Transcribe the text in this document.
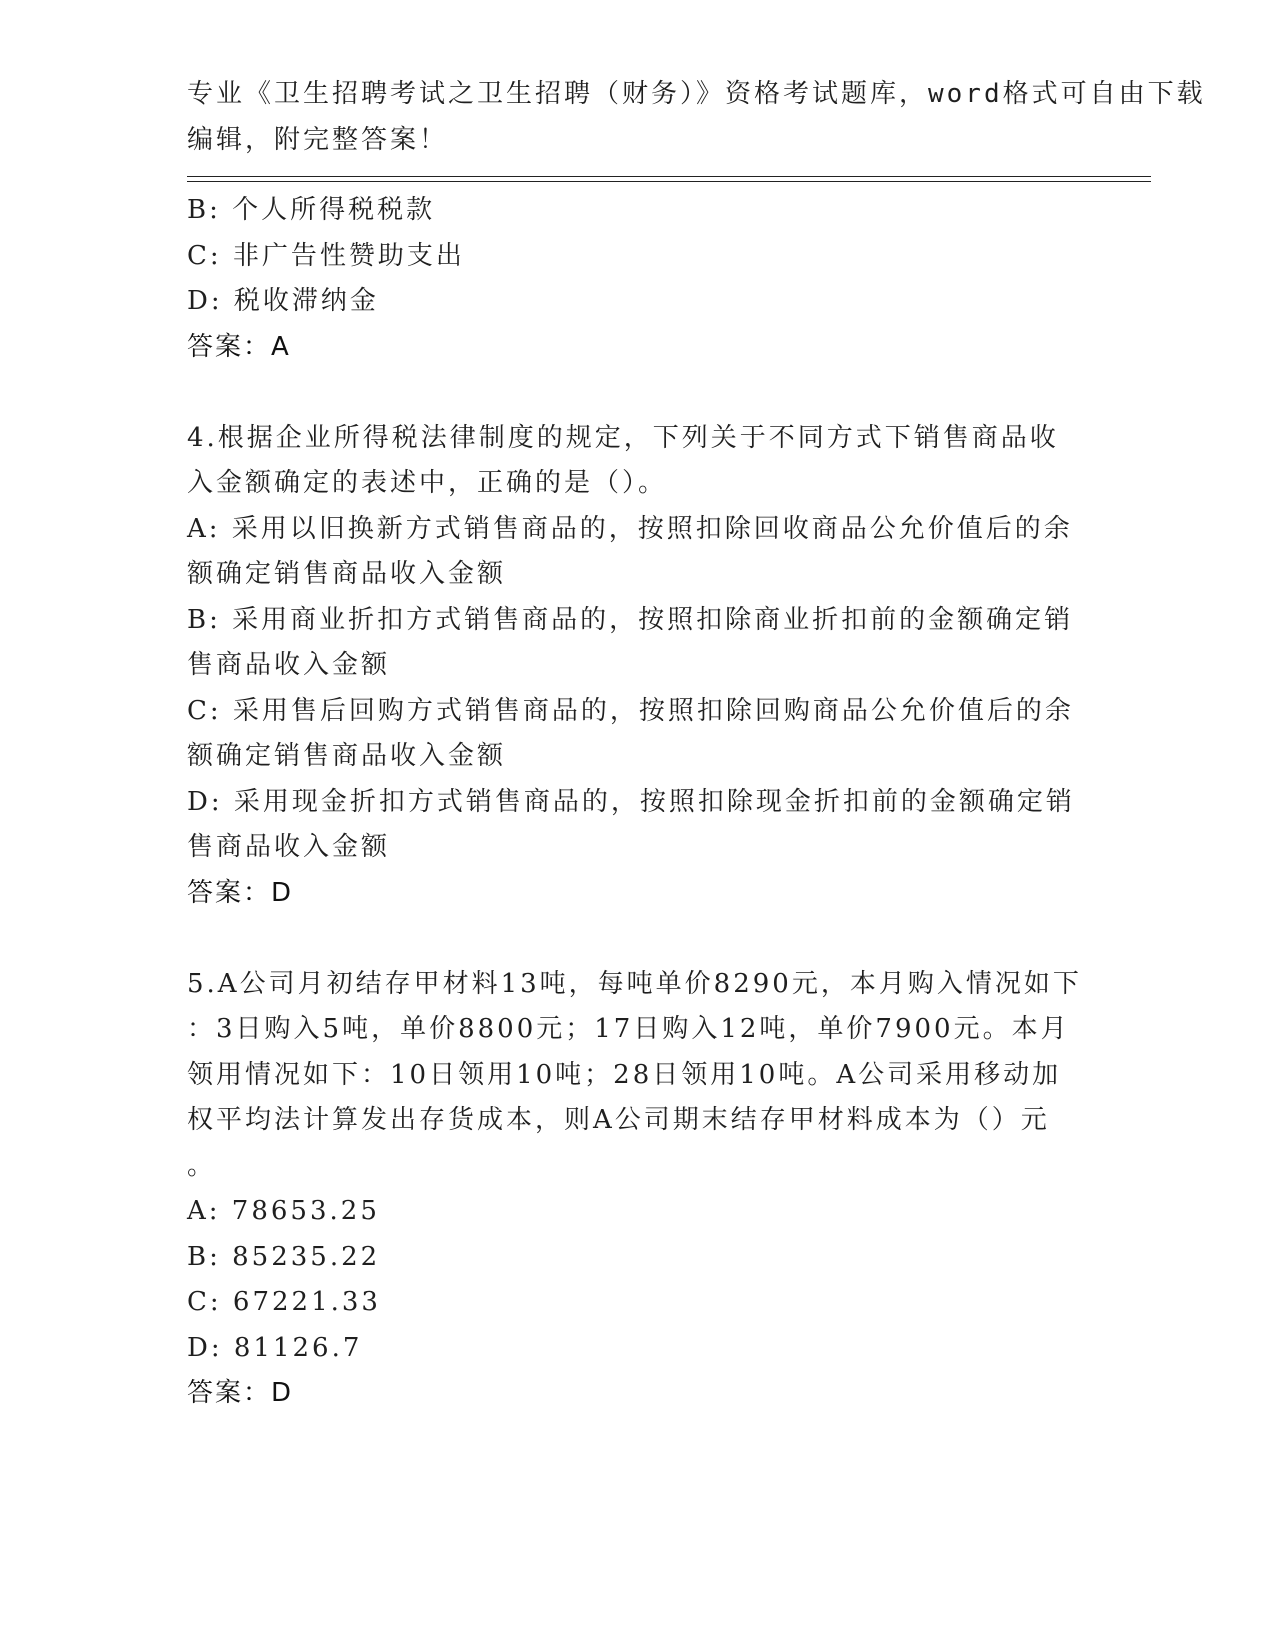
专业《卫生招聘考试之卫生招聘（财务）》资格考试题库，word格式可自由下载
编辑，附完整答案！
B: 个人所得税税款
C: 非广告性赞助支出
D: 税收滞纳金
答案：A
4.根据企业所得税法律制度的规定，下列关于不同方式下销售商品收
入金额确定的表述中，正确的是（）。
A: 采用以旧换新方式销售商品的，按照扣除回收商品公允价值后的余
额确定销售商品收入金额
B: 采用商业折扣方式销售商品的，按照扣除商业折扣前的金额确定销
售商品收入金额
C: 采用售后回购方式销售商品的，按照扣除回购商品公允价值后的余
额确定销售商品收入金额
D: 采用现金折扣方式销售商品的，按照扣除现金折扣前的金额确定销
售商品收入金额
答案：D
5.A公司月初结存甲材料13吨，每吨单价8290元，本月购入情况如下
：3日购入5吨，单价8800元；17日购入12吨，单价7900元。本月
领用情况如下：10日领用10吨；28日领用10吨。A公司采用移动加
权平均法计算发出存货成本，则A公司期末结存甲材料成本为（）元
。
A: 78653.25
B: 85235.22
C: 67221.33
D: 81126.7
答案：D
